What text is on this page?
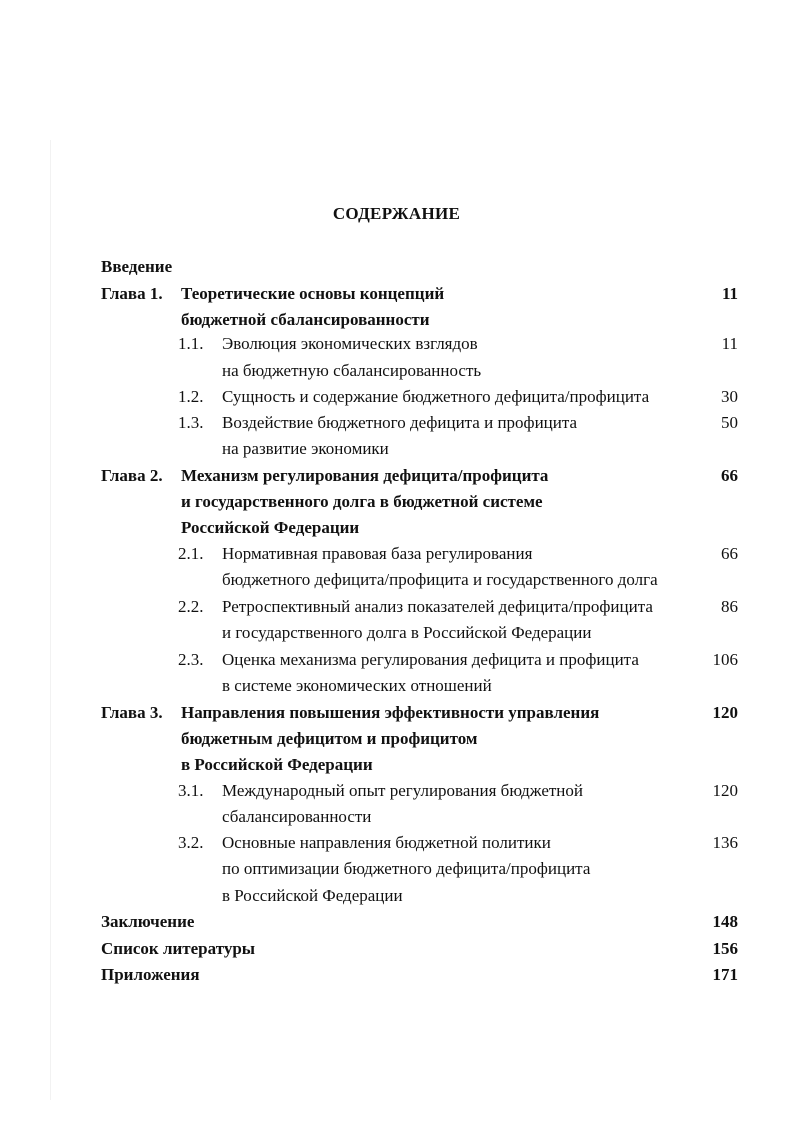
СОДЕРЖАНИЕ
Введение
Глава 1. Теоретические основы концепций	11
бюджетной сбалансированности
1.1. Эволюция экономических взглядов	11
на бюджетную сбалансированность
1.2. Сущность и содержание бюджетного дефицита/профицита	30
1.3. Воздействие бюджетного дефицита и профицита	50
на развитие экономики
Глава 2. Механизм регулирования дефицита/профицита	66
и государственного долга в бюджетной системе
Российской Федерации
2.1. Нормативная правовая база регулирования	66
бюджетного дефицита/профицита и государственного долга
2.2. Ретроспективный анализ показателей дефицита/профицита	86
и государственного долга в Российской Федерации
2.3. Оценка механизма регулирования дефицита и профицита	106
в системе экономических отношений
Глава 3. Направления повышения эффективности управления	120
бюджетным дефицитом и профицитом
в Российской Федерации
3.1. Международный опыт регулирования бюджетной	120
сбалансированности
3.2. Основные направления бюджетной политики	136
по оптимизации бюджетного дефицита/профицита
в Российской Федерации
Заключение	148
Список литературы	156
Приложения	171
